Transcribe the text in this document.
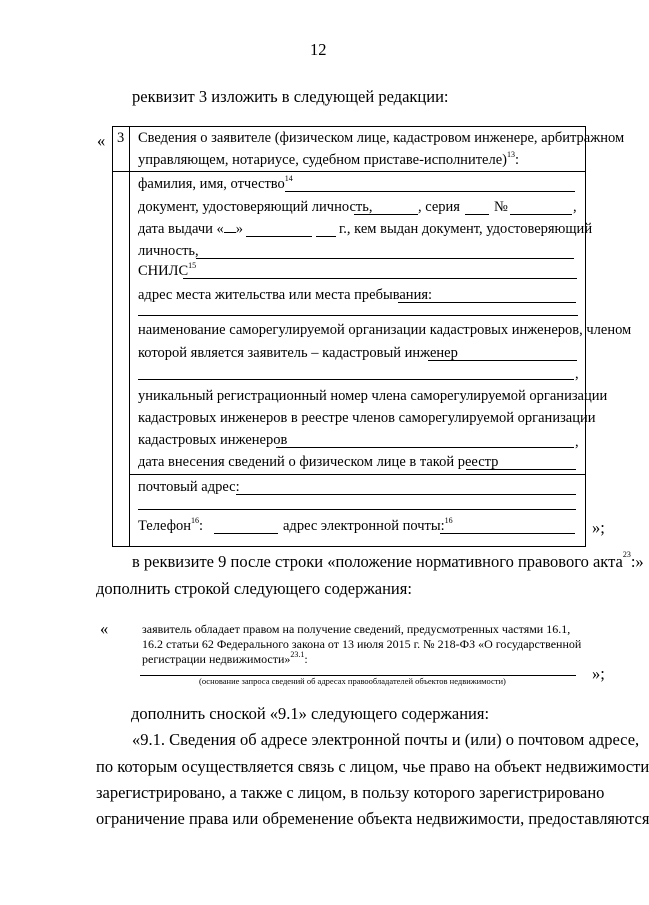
12
реквизит 3 изложить в следующей редакции:
«
»;
3 Сведения о заявителе (физическом лице, кадастровом инженере, арбитражном
управляющем, нотариусе, судебном приставе-исполнителе)$^{13}$:
фамилия, имя, отчество$^{14}$
документ, удостоверяющий личность,	, серия №	,
дата выдачи « »	г., кем выдан документ, удостоверяющий
личность,
СНИЛС$^{15}$
адрес места жительства или места пребывания:
наименование саморегулируемой организации кадастровых инженеров, членом
которой является заявитель – кадастровый инженер
,
уникальный регистрационный номер члена саморегулируемой организации
кадастровых инженеров в реестре членов саморегулируемой организации
кадастровых инженеров	,
дата внесения сведений о физическом лице в такой реестр
почтовый адрес:
Телефон$^{16}$:	адрес электронной почты:$^{16}$
в реквизите 9 после строки «положение нормативного правового акта$^{23}$:»
дополнить строкой следующего содержания:
«	заявитель обладает правом на получение сведений, предусмотренных частями 16.1,
16.2 статьи 62 Федерального закона от 13 июля 2015 г. № 218-ФЗ «О государственной
регистрации недвижимости»$^{23.1}$:
(основание запроса сведений об адресах правообладателей объектов недвижимости)	»;
дополнить сноской «9.1» следующего содержания:
«9.1. Сведения об адресе электронной почты и (или) о почтовом адресе,
по которым осуществляется связь с лицом, чье право на объект недвижимости
зарегистрировано, а также с лицом, в пользу которого зарегистрировано
ограничение права или обременение объекта недвижимости, предоставляются
